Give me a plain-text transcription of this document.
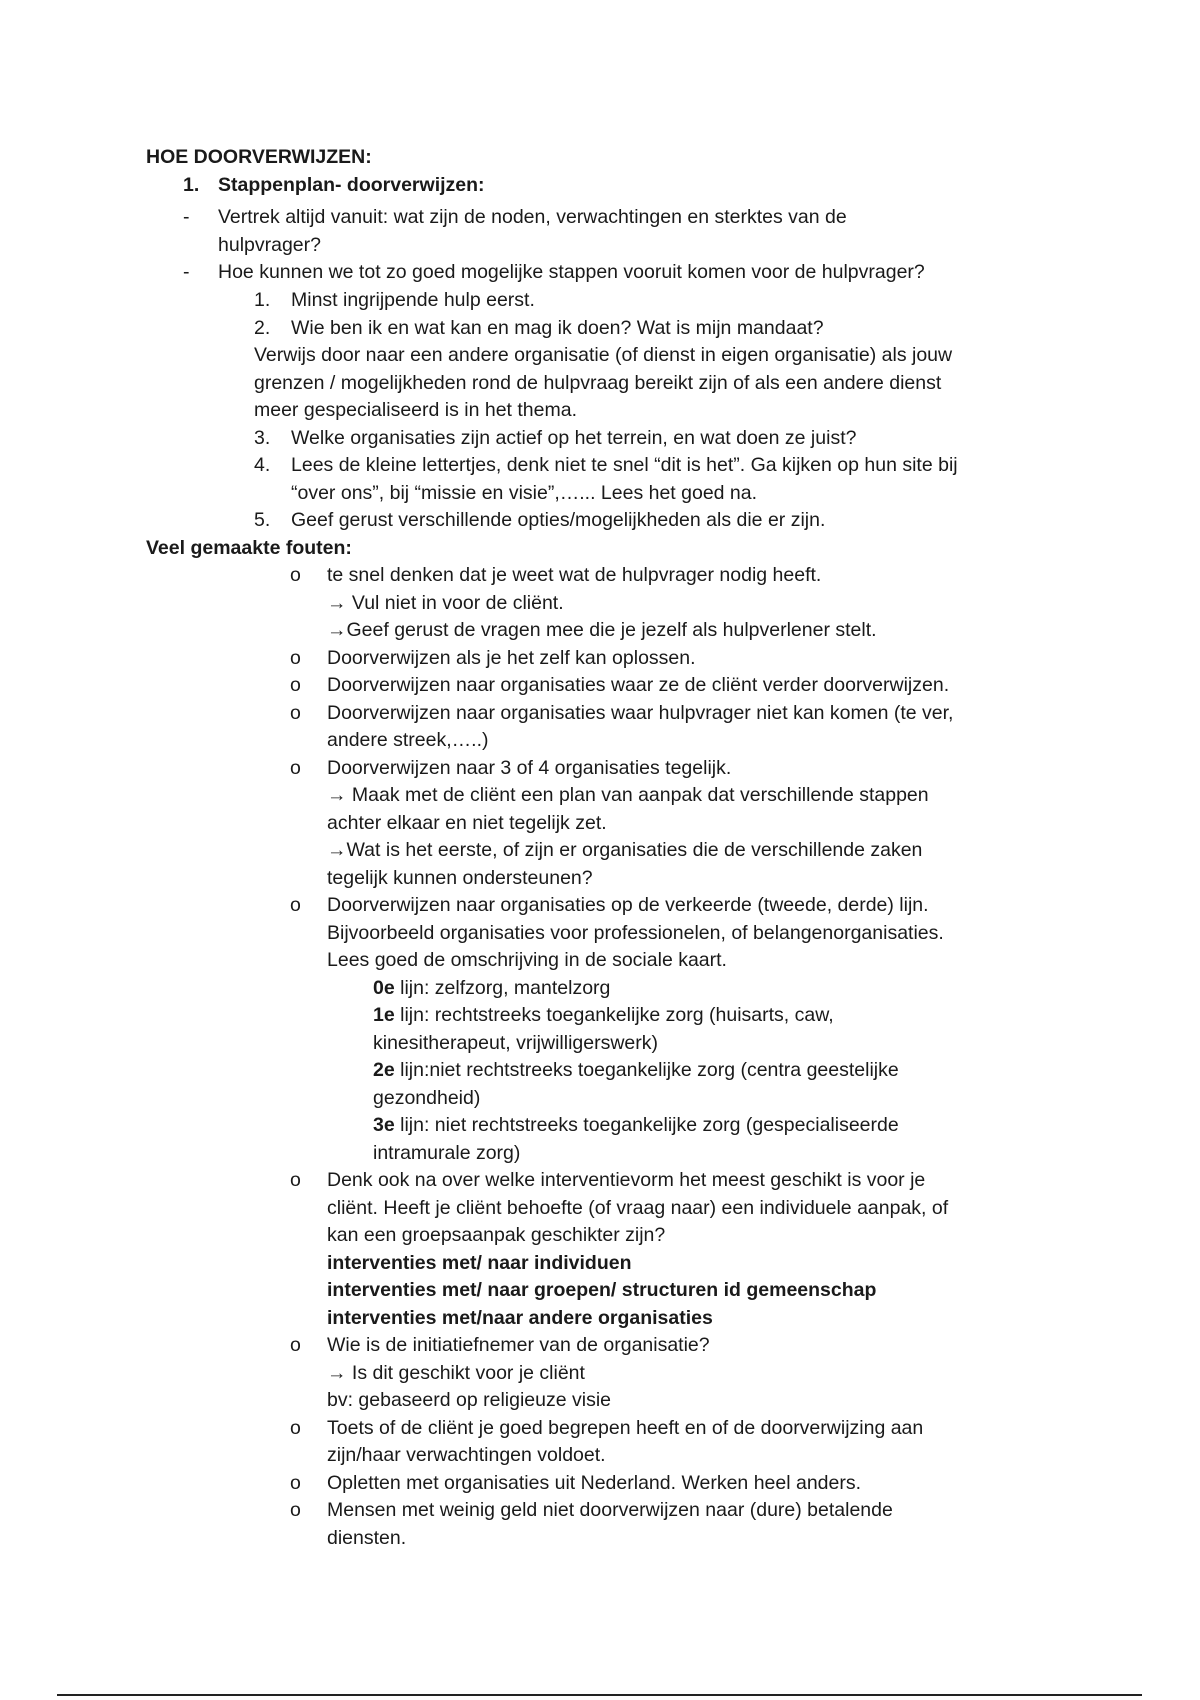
HOE DOORVERWIJZEN:
1. Stappenplan- doorverwijzen:
- Vertrek altijd vanuit: wat zijn de noden, verwachtingen en sterktes van de
hulpvrager?
- Hoe kunnen we tot zo goed mogelijke stappen vooruit komen voor de hulpvrager?
1. Minst ingrijpende hulp eerst.
2. Wie ben ik en wat kan en mag ik doen? Wat is mijn mandaat?
Verwijs door naar een andere organisatie (of dienst in eigen organisatie) als jouw
grenzen / mogelijkheden rond de hulpvraag bereikt zijn of als een andere dienst
meer gespecialiseerd is in het thema.
3. Welke organisaties zijn actief op het terrein, en wat doen ze juist?
4. Lees de kleine lettertjes, denk niet te snel “dit is het”. Ga kijken op hun site bij
“over ons”, bij “missie en visie”,…... Lees het goed na.
5. Geef gerust verschillende opties/mogelijkheden als die er zijn.
Veel gemaakte fouten:
o te snel denken dat je weet wat de hulpvrager nodig heeft.
→ Vul niet in voor de cliënt.
→Geef gerust de vragen mee die je jezelf als hulpverlener stelt.
o Doorverwijzen als je het zelf kan oplossen.
o Doorverwijzen naar organisaties waar ze de cliënt verder doorverwijzen.
o Doorverwijzen naar organisaties waar hulpvrager niet kan komen (te ver,
andere streek,…..)
o Doorverwijzen naar 3 of 4 organisaties tegelijk.
→ Maak met de cliënt een plan van aanpak dat verschillende stappen
achter elkaar en niet tegelijk zet.
→Wat is het eerste, of zijn er organisaties die de verschillende zaken
tegelijk kunnen ondersteunen?
o Doorverwijzen naar organisaties op de verkeerde (tweede, derde) lijn.
Bijvoorbeeld organisaties voor professionelen, of belangenorganisaties.
Lees goed de omschrijving in de sociale kaart.
0e lijn: zelfzorg, mantelzorg
1e lijn: rechtstreeks toegankelijke zorg (huisarts, caw,
kinesitherapeut, vrijwilligerswerk)
2e lijn:niet rechtstreeks toegankelijke zorg (centra geestelijke
gezondheid)
3e lijn: niet rechtstreeks toegankelijke zorg (gespecialiseerde
intramurale zorg)
o Denk ook na over welke interventievorm het meest geschikt is voor je
cliënt. Heeft je cliënt behoefte (of vraag naar) een individuele aanpak, of
kan een groepsaanpak geschikter zijn?
interventies met/ naar individuen
interventies met/ naar groepen/ structuren id gemeenschap
interventies met/naar andere organisaties
o Wie is de initiatiefnemer van de organisatie?
→ Is dit geschikt voor je cliënt
bv: gebaseerd op religieuze visie
o Toets of de cliënt je goed begrepen heeft en of de doorverwijzing aan
zijn/haar verwachtingen voldoet.
o Opletten met organisaties uit Nederland. Werken heel anders.
o Mensen met weinig geld niet doorverwijzen naar (dure) betalende
diensten.
